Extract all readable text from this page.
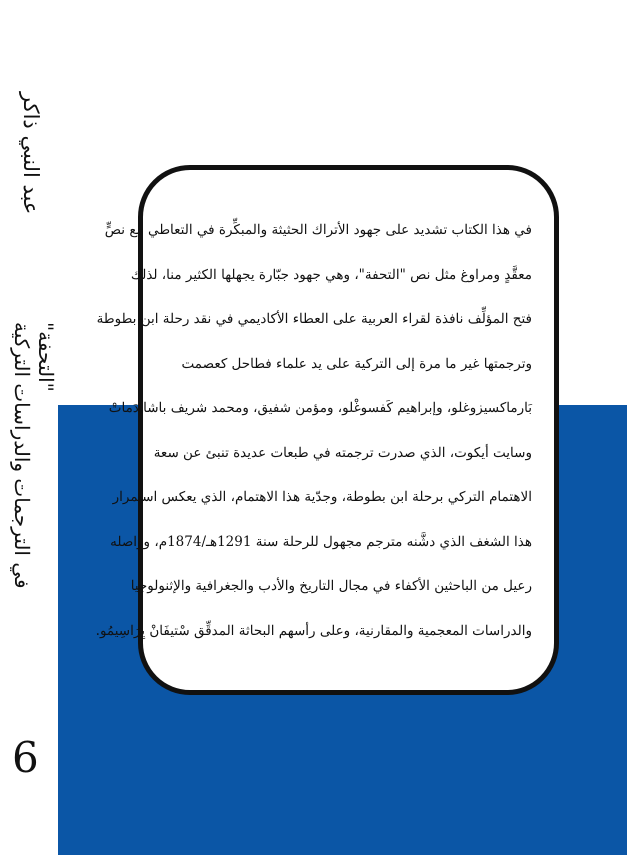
عبد النبي ذاكر
"التحفة"
في الترجمات والدراسات التركية
6
في هذا الكتاب تشديد على جهود الأتراك الحثيثة والمبكِّرة في التعاطي مع نصٍّ
معقَّدٍ ومراوغ مثل نص "التحفة"، وهي جهود جبّارة يجهلها الكثير منا، لذلك
فتح المؤلِّف نافذة لقراء العربية على العطاء الأكاديمي في نقد رحلة ابن بطوطة
وترجمتها غير ما مرة إلى التركية على يد علماء فطاحل كعصمت
بَارماكسيزوغلو، وإبراهيم كَفسوغْلو، ومؤمن شفيق، ومحمد شريف باشا دَماتْ
وسايت أيكوت، الذي صدرت ترجمته في طبعات عديدة تنبئ عن سعة
الاهتمام التركي برحلة ابن بطوطة، وجدّية هذا الاهتمام، الذي يعكس استمرار
هذا الشغف الذي دشَّنه مترجم مجهول للرحلة سنة 1291هـ/1874م، وواصله
رعيل من الباحثين الأكفاء في مجال التاريخ والأدب والجغرافية والإثنولوجيا
والدراسات المعجمية والمقارنية، وعلى رأسهم البحاثة المدقِّق سْتيفَانْ يِرَاسِيمُو.
